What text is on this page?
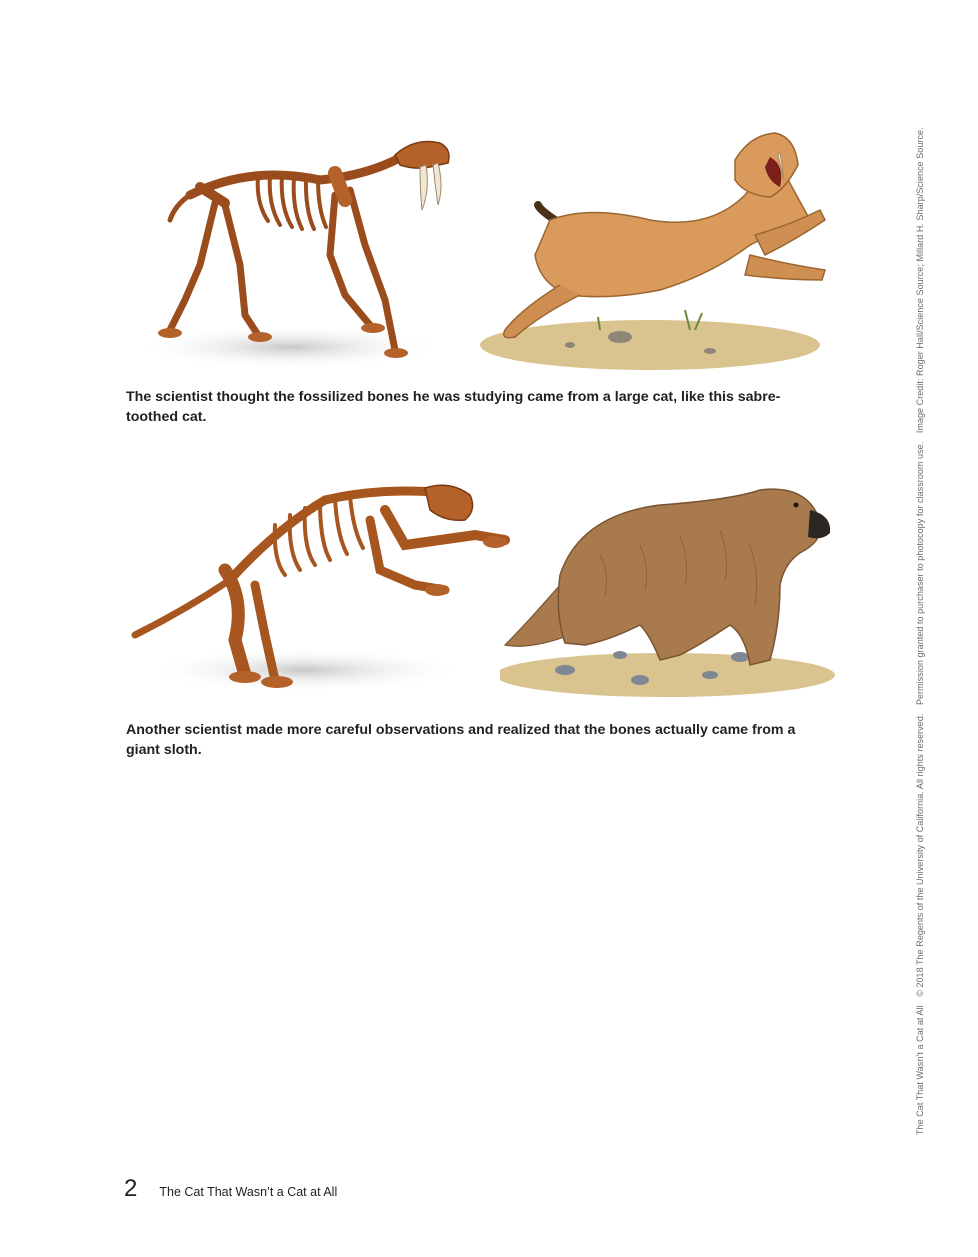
The scientist thought the fossilized bones he was studying came from a large cat, like this sabre-toothed cat.

Another scientist made more careful observations and realized that the bones actually came from a giant sloth.

2 The Cat That Wasn’t a Cat at All
The Cat That Wasn’t a Cat at All © 2018 The Regents of the University of California. All rights reserved. Permission granted to purchaser to photocopy for classroom use. Image Credit: Roger Hall/Science Source; Millard H. Sharp/Science Source.
